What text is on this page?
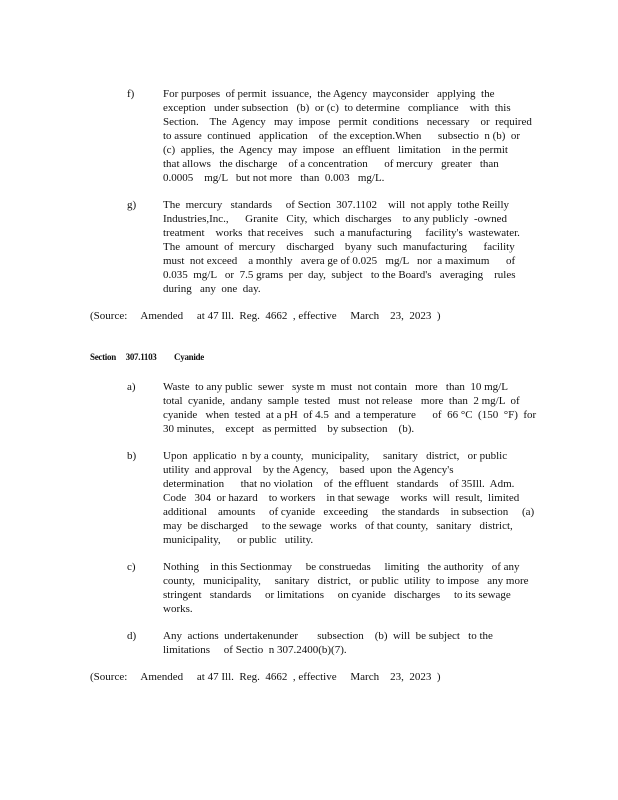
f)	For purposes  of permit  issuance,  the Agency  mayconsider   applying  the
exception   under subsection   (b)  or (c)  to determine   compliance    with  this
Section.    The  Agency   may  impose   permit  conditions   necessary    or  required
to assure  continued   application    of  the exception.When      subsectio  n (b)  or
(c)  applies,  the  Agency  may  impose   an effluent   limitation    in the permit
that allows   the discharge    of a concentration      of mercury   greater   than
0.0005    mg/L   but not more   than  0.003   mg/L.
g)	The  mercury   standards     of Section  307.1102    will  not apply  tothe Reilly
Industries,Inc.,      Granite   City,  which  discharges    to any publicly  -owned
treatment    works  that receives    such  a manufacturing     facility's  wastewater.
The  amount  of  mercury    discharged    byany  such  manufacturing      facility
must  not exceed    a monthly   avera ge of 0.025   mg/L   nor  a maximum      of
0.035  mg/L   or  7.5 grams  per  day,  subject   to the Board's   averaging    rules
during   any  one  day.
(Source:     Amended     at 47 Ill.  Reg.  4662  , effective     March    23,  2023  )
Section     307.1103         Cyanide
a)	Waste  to any public  sewer   syste m  must  not contain   more   than  10 mg/L
total  cyanide,  andany  sample  tested   must  not release   more  than  2 mg/L  of
cyanide   when  tested  at a pH  of 4.5  and  a temperature      of  66 °C  (150  °F)  for
30 minutes,    except   as permitted    by subsection    (b).
b)	Upon  applicatio  n by a county,   municipality,     sanitary   district,   or public
utility  and approval    by the Agency,    based  upon  the Agency's
determination      that no violation    of  the effluent   standards    of 35Ill.  Adm.
Code   304  or hazard    to workers    in that sewage    works  will  result,  limited
additional    amounts     of cyanide   exceeding     the standards    in subsection     (a)
may  be discharged     to the sewage   works   of that county,   sanitary   district,
municipality,      or public   utility.
c)	Nothing    in this Sectionmay     be construedas     limiting   the authority   of any
county,   municipality,     sanitary   district,   or public  utility  to impose   any more
stringent   standards     or limitations     on cyanide   discharges     to its sewage
works.
d)	Any  actions  undertakenunder       subsection    (b)  will  be subject   to the
limitations     of Sectio  n 307.2400(b)(7).
(Source:     Amended     at 47 Ill.  Reg.  4662  , effective     March    23,  2023  )
